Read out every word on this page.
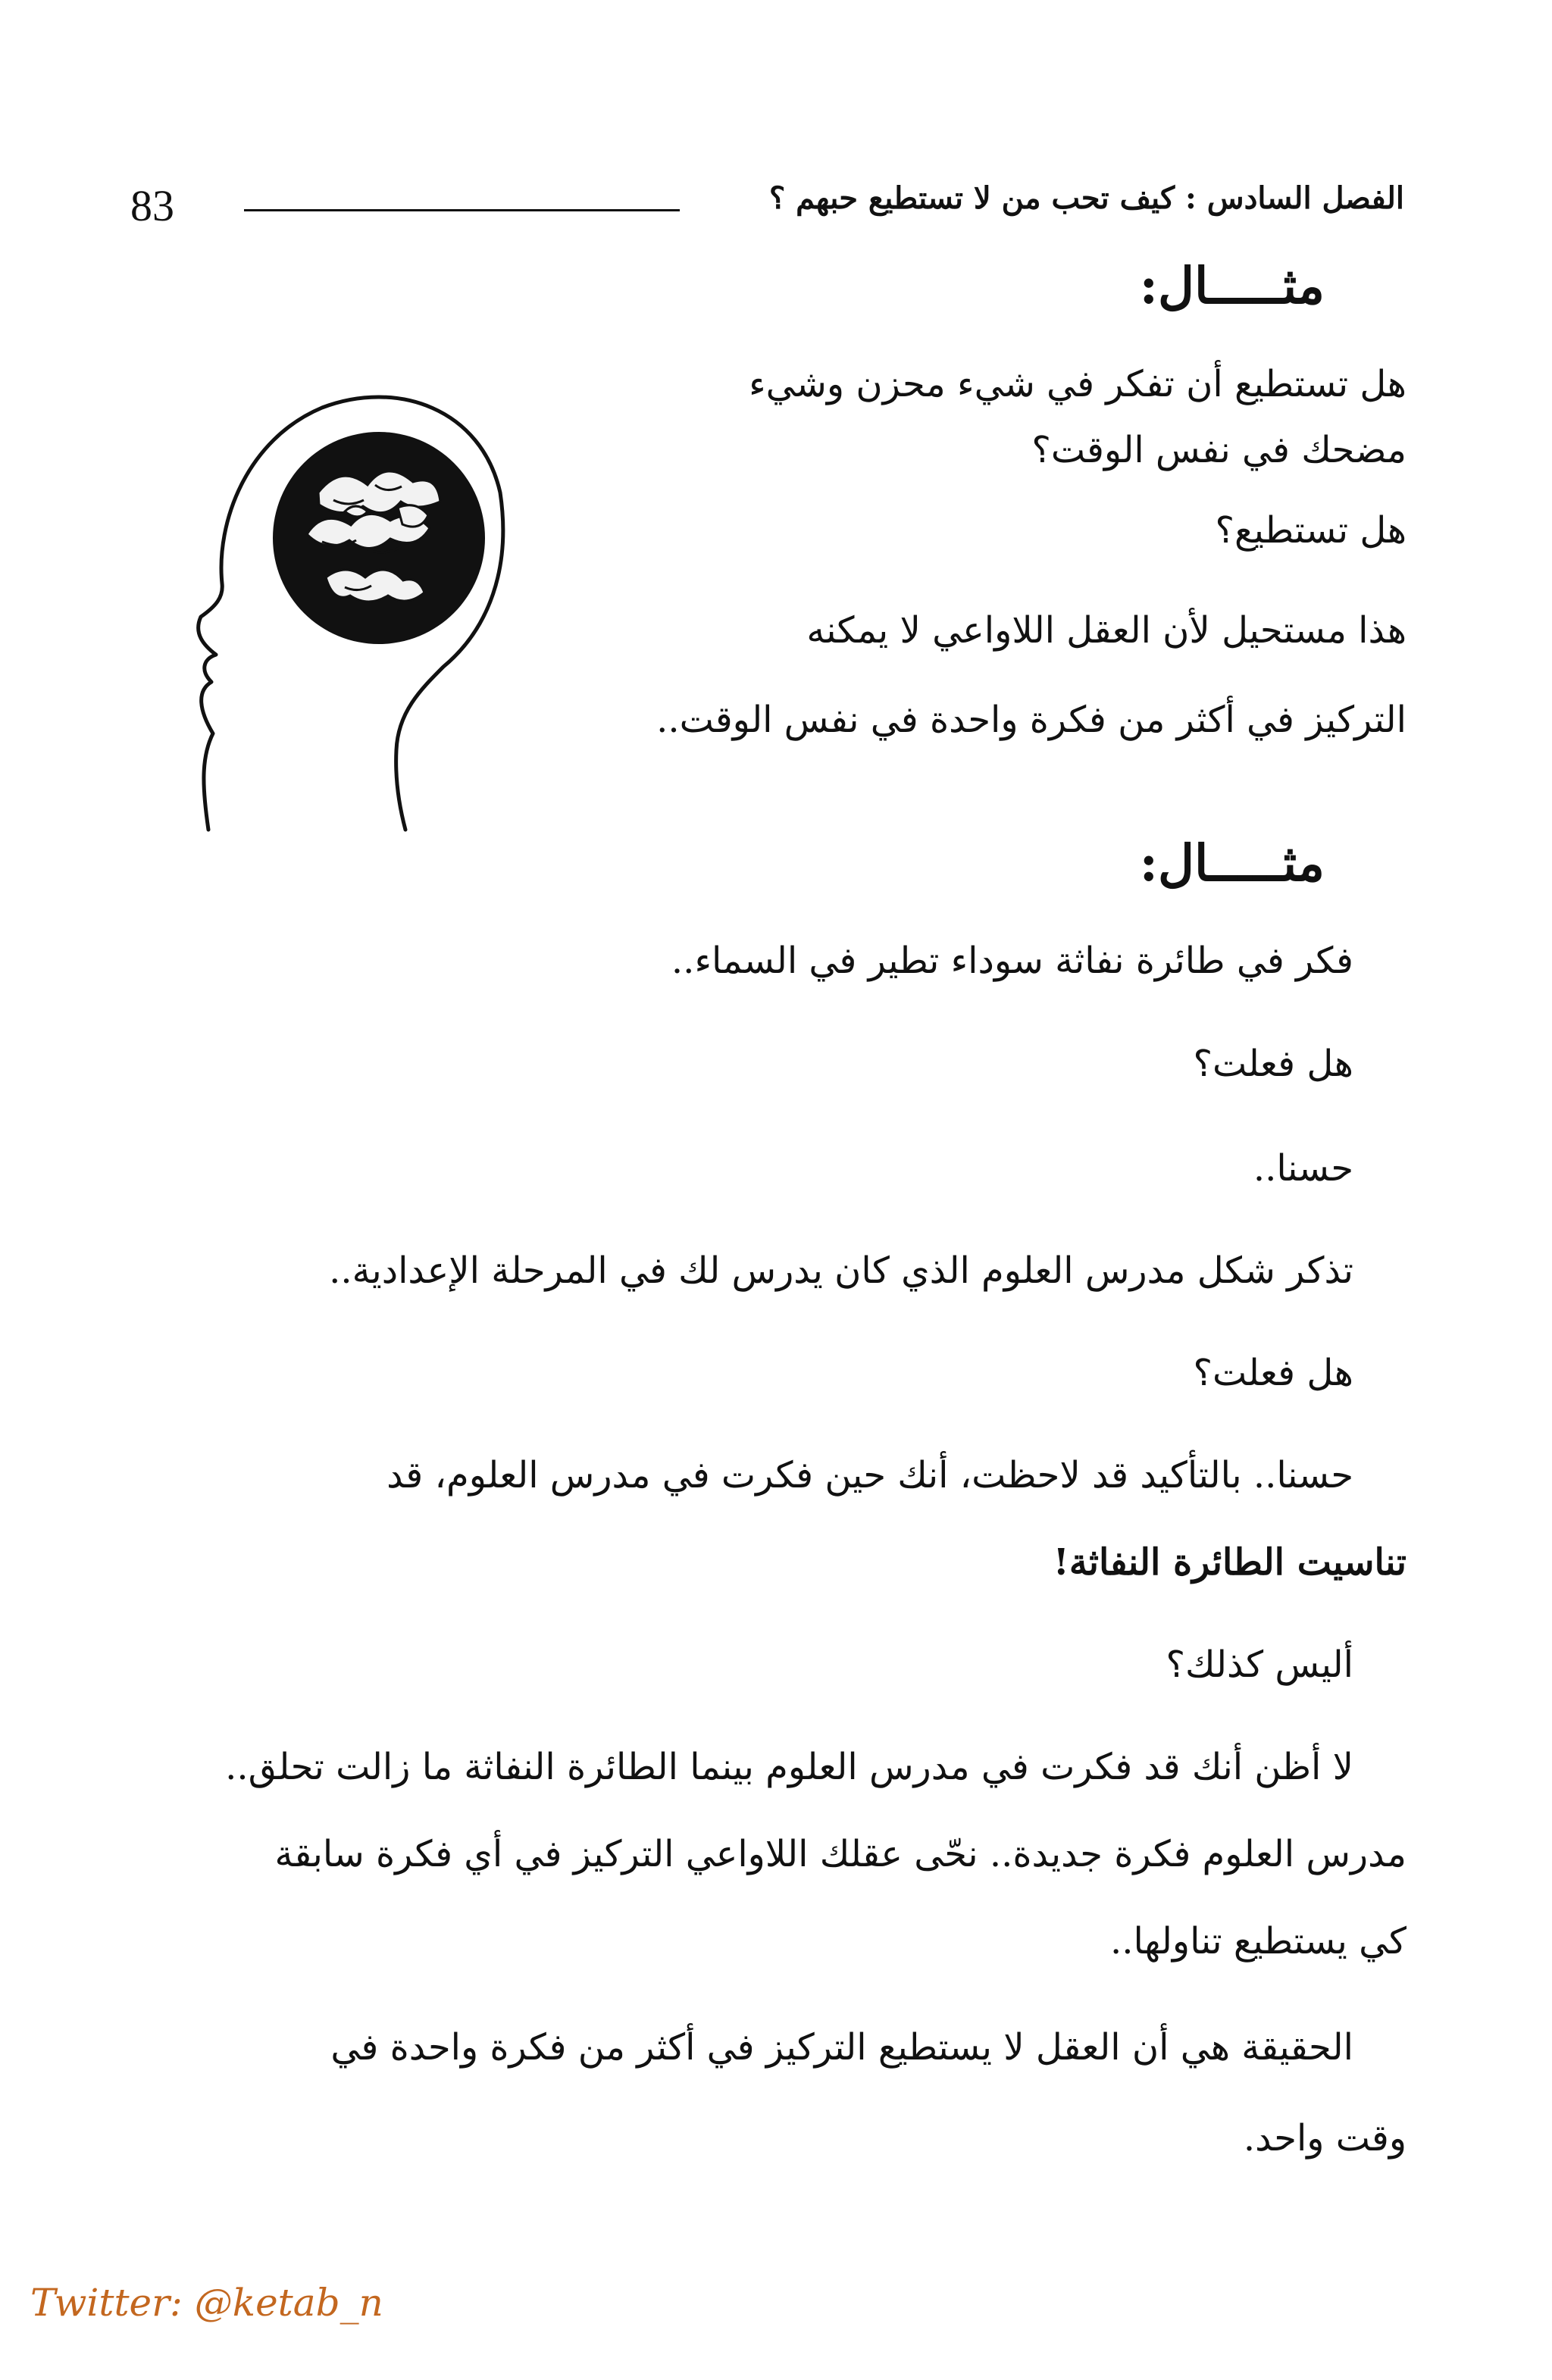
83	الفصل السادس : كيف تحب من لا تستطيع حبهم ؟
مثـــــال:
هل تستطيع أن تفكر في شيء محزن وشيء
مضحك في نفس الوقت؟
هل تستطيع؟
هذا مستحيل لأن العقل اللاواعي لا يمكنه
التركيز في أكثر من فكرة واحدة في نفس الوقت..
مثـــــال:
فكر في طائرة نفاثة سوداء تطير في السماء..
هل فعلت؟
حسنا..
تذكر شكل مدرس العلوم الذي كان يدرس لك في المرحلة الإعدادية..
هل فعلت؟
حسنا.. بالتأكيد قد لاحظت، أنك حين فكرت في مدرس العلوم، قد
تناسيت الطائرة النفاثة!
أليس كذلك؟
لا أظن أنك قد فكرت في مدرس العلوم بينما الطائرة النفاثة ما زالت تحلق..
مدرس العلوم فكرة جديدة.. نحّى عقلك اللاواعي التركيز في أي فكرة سابقة
كي يستطيع تناولها..
الحقيقة هي أن العقل لا يستطيع التركيز في أكثر من فكرة واحدة في
وقت واحد.
Twitter: @ketab_n
